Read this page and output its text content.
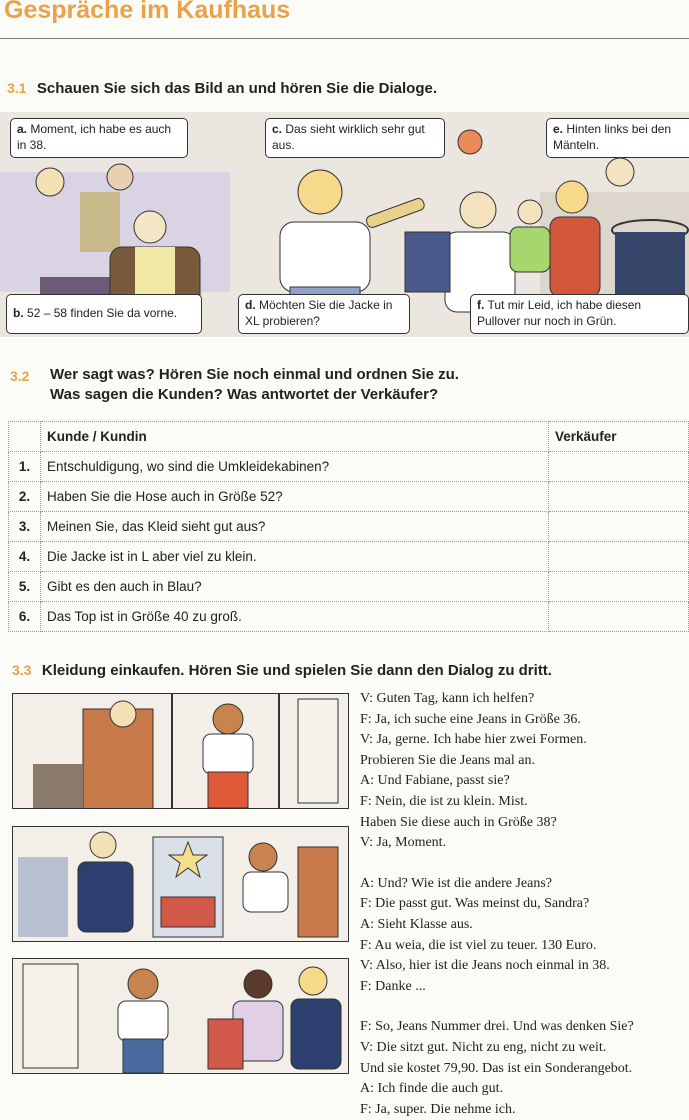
Gespräche im Kaufhaus
3.1 Schauen Sie sich das Bild an und hören Sie die Dialoge.
a. Moment, ich habe es auch in 38.
c. Das sieht wirklich sehr gut aus.
e. Hinten links bei den Mänteln.
b. 52 – 58 finden Sie da vorne.
d. Möchten Sie die Jacke in XL probieren?
f. Tut mir Leid, ich habe diesen Pullover nur noch in Grün.
3.2 Wer sagt was? Hören Sie noch einmal und ordnen Sie zu.
Was sagen die Kunden? Was antwortet der Verkäufer?
	Kunde / Kundin	Verkäufer
1.	Entschuldigung, wo sind die Umkleidekabinen?	
2.	Haben Sie die Hose auch in Größe 52?	
3.	Meinen Sie, das Kleid sieht gut aus?	
4.	Die Jacke ist in L aber viel zu klein.	
5.	Gibt es den auch in Blau?	
6.	Das Top ist in Größe 40 zu groß.	
3.3 Kleidung einkaufen. Hören Sie und spielen Sie dann den Dialog zu dritt.
V: Guten Tag, kann ich helfen?
F: Ja, ich suche eine Jeans in Größe 36.
V: Ja, gerne. Ich habe hier zwei Formen.
Probieren Sie die Jeans mal an.
A: Und Fabiane, passt sie?
F: Nein, die ist zu klein. Mist.
Haben Sie diese auch in Größe 38?
V: Ja, Moment.
A: Und? Wie ist die andere Jeans?
F: Die passt gut. Was meinst du, Sandra?
A: Sieht Klasse aus.
F: Au weia, die ist viel zu teuer. 130 Euro.
V: Also, hier ist die Jeans noch einmal in 38.
F: Danke ...
F: So, Jeans Nummer drei. Und was denken Sie?
V: Die sitzt gut. Nicht zu eng, nicht zu weit.
Und sie kostet 79,90. Das ist ein Sonderangebot.
A: Ich finde die auch gut.
F: Ja, super. Die nehme ich.
